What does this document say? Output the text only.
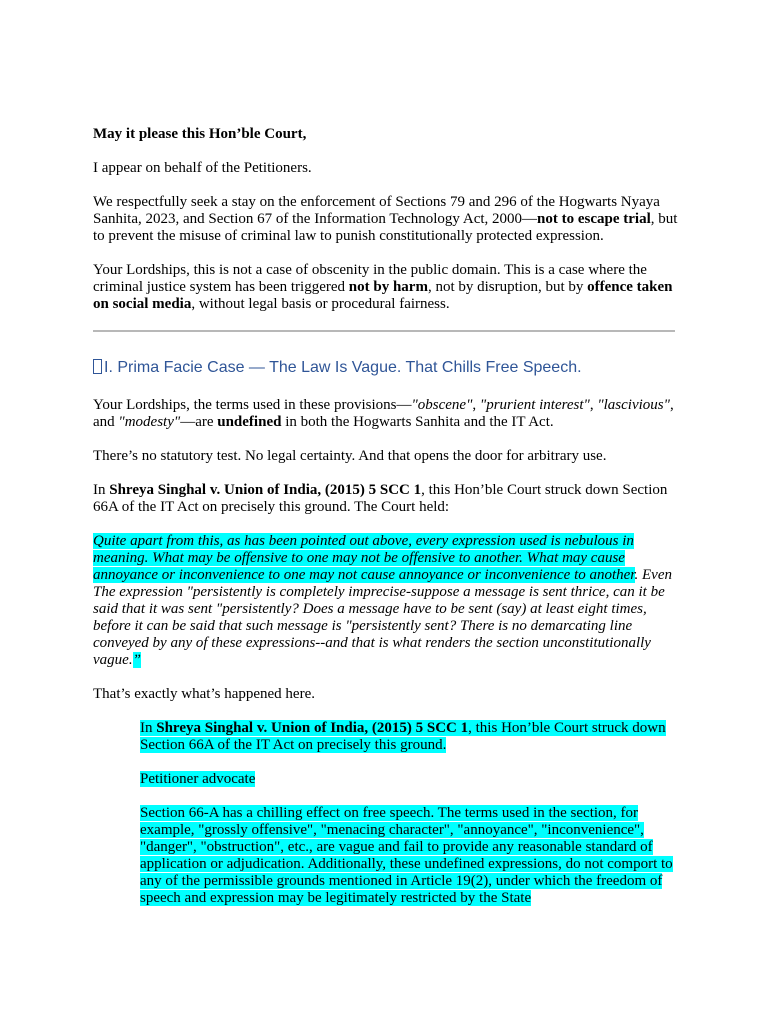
May it please this Hon’ble Court,

I appear on behalf of the Petitioners.

We respectfully seek a stay on the enforcement of Sections 79 and 296 of the Hogwarts Nyaya Sanhita, 2023, and Section 67 of the Information Technology Act, 2000—not to escape trial, but to prevent the misuse of criminal law to punish constitutionally protected expression.

Your Lordships, this is not a case of obscenity in the public domain. This is a case where the criminal justice system has been triggered not by harm, not by disruption, but by offence taken on social media, without legal basis or procedural fairness.

I. Prima Facie Case — The Law Is Vague. That Chills Free Speech.

Your Lordships, the terms used in these provisions—"obscene", "prurient interest", "lascivious", and "modesty"—are undefined in both the Hogwarts Sanhita and the IT Act.

There’s no statutory test. No legal certainty. And that opens the door for arbitrary use.

In Shreya Singhal v. Union of India, (2015) 5 SCC 1, this Hon’ble Court struck down Section 66A of the IT Act on precisely this ground. The Court held:

Quite apart from this, as has been pointed out above, every expression used is nebulous in meaning. What may be offensive to one may not be offensive to another. What may cause annoyance or inconvenience to one may not cause annoyance or inconvenience to another. Even The expression "persistently is completely imprecise-suppose a message is sent thrice, can it be said that it was sent "persistently? Does a message have to be sent (say) at least eight times, before it can be said that such message is "persistently sent? There is no demarcating line conveyed by any of these expressions--and that is what renders the section unconstitutionally vague.”

That’s exactly what’s happened here.

In Shreya Singhal v. Union of India, (2015) 5 SCC 1, this Hon’ble Court struck down Section 66A of the IT Act on precisely this ground.

Petitioner advocate

Section 66-A has a chilling effect on free speech. The terms used in the section, for example, "grossly offensive", "menacing character", "annoyance", "inconvenience", "danger", "obstruction", etc., are vague and fail to provide any reasonable standard of application or adjudication. Additionally, these undefined expressions, do not comport to any of the permissible grounds mentioned in Article 19(2), under which the freedom of speech and expression may be legitimately restricted by the State
